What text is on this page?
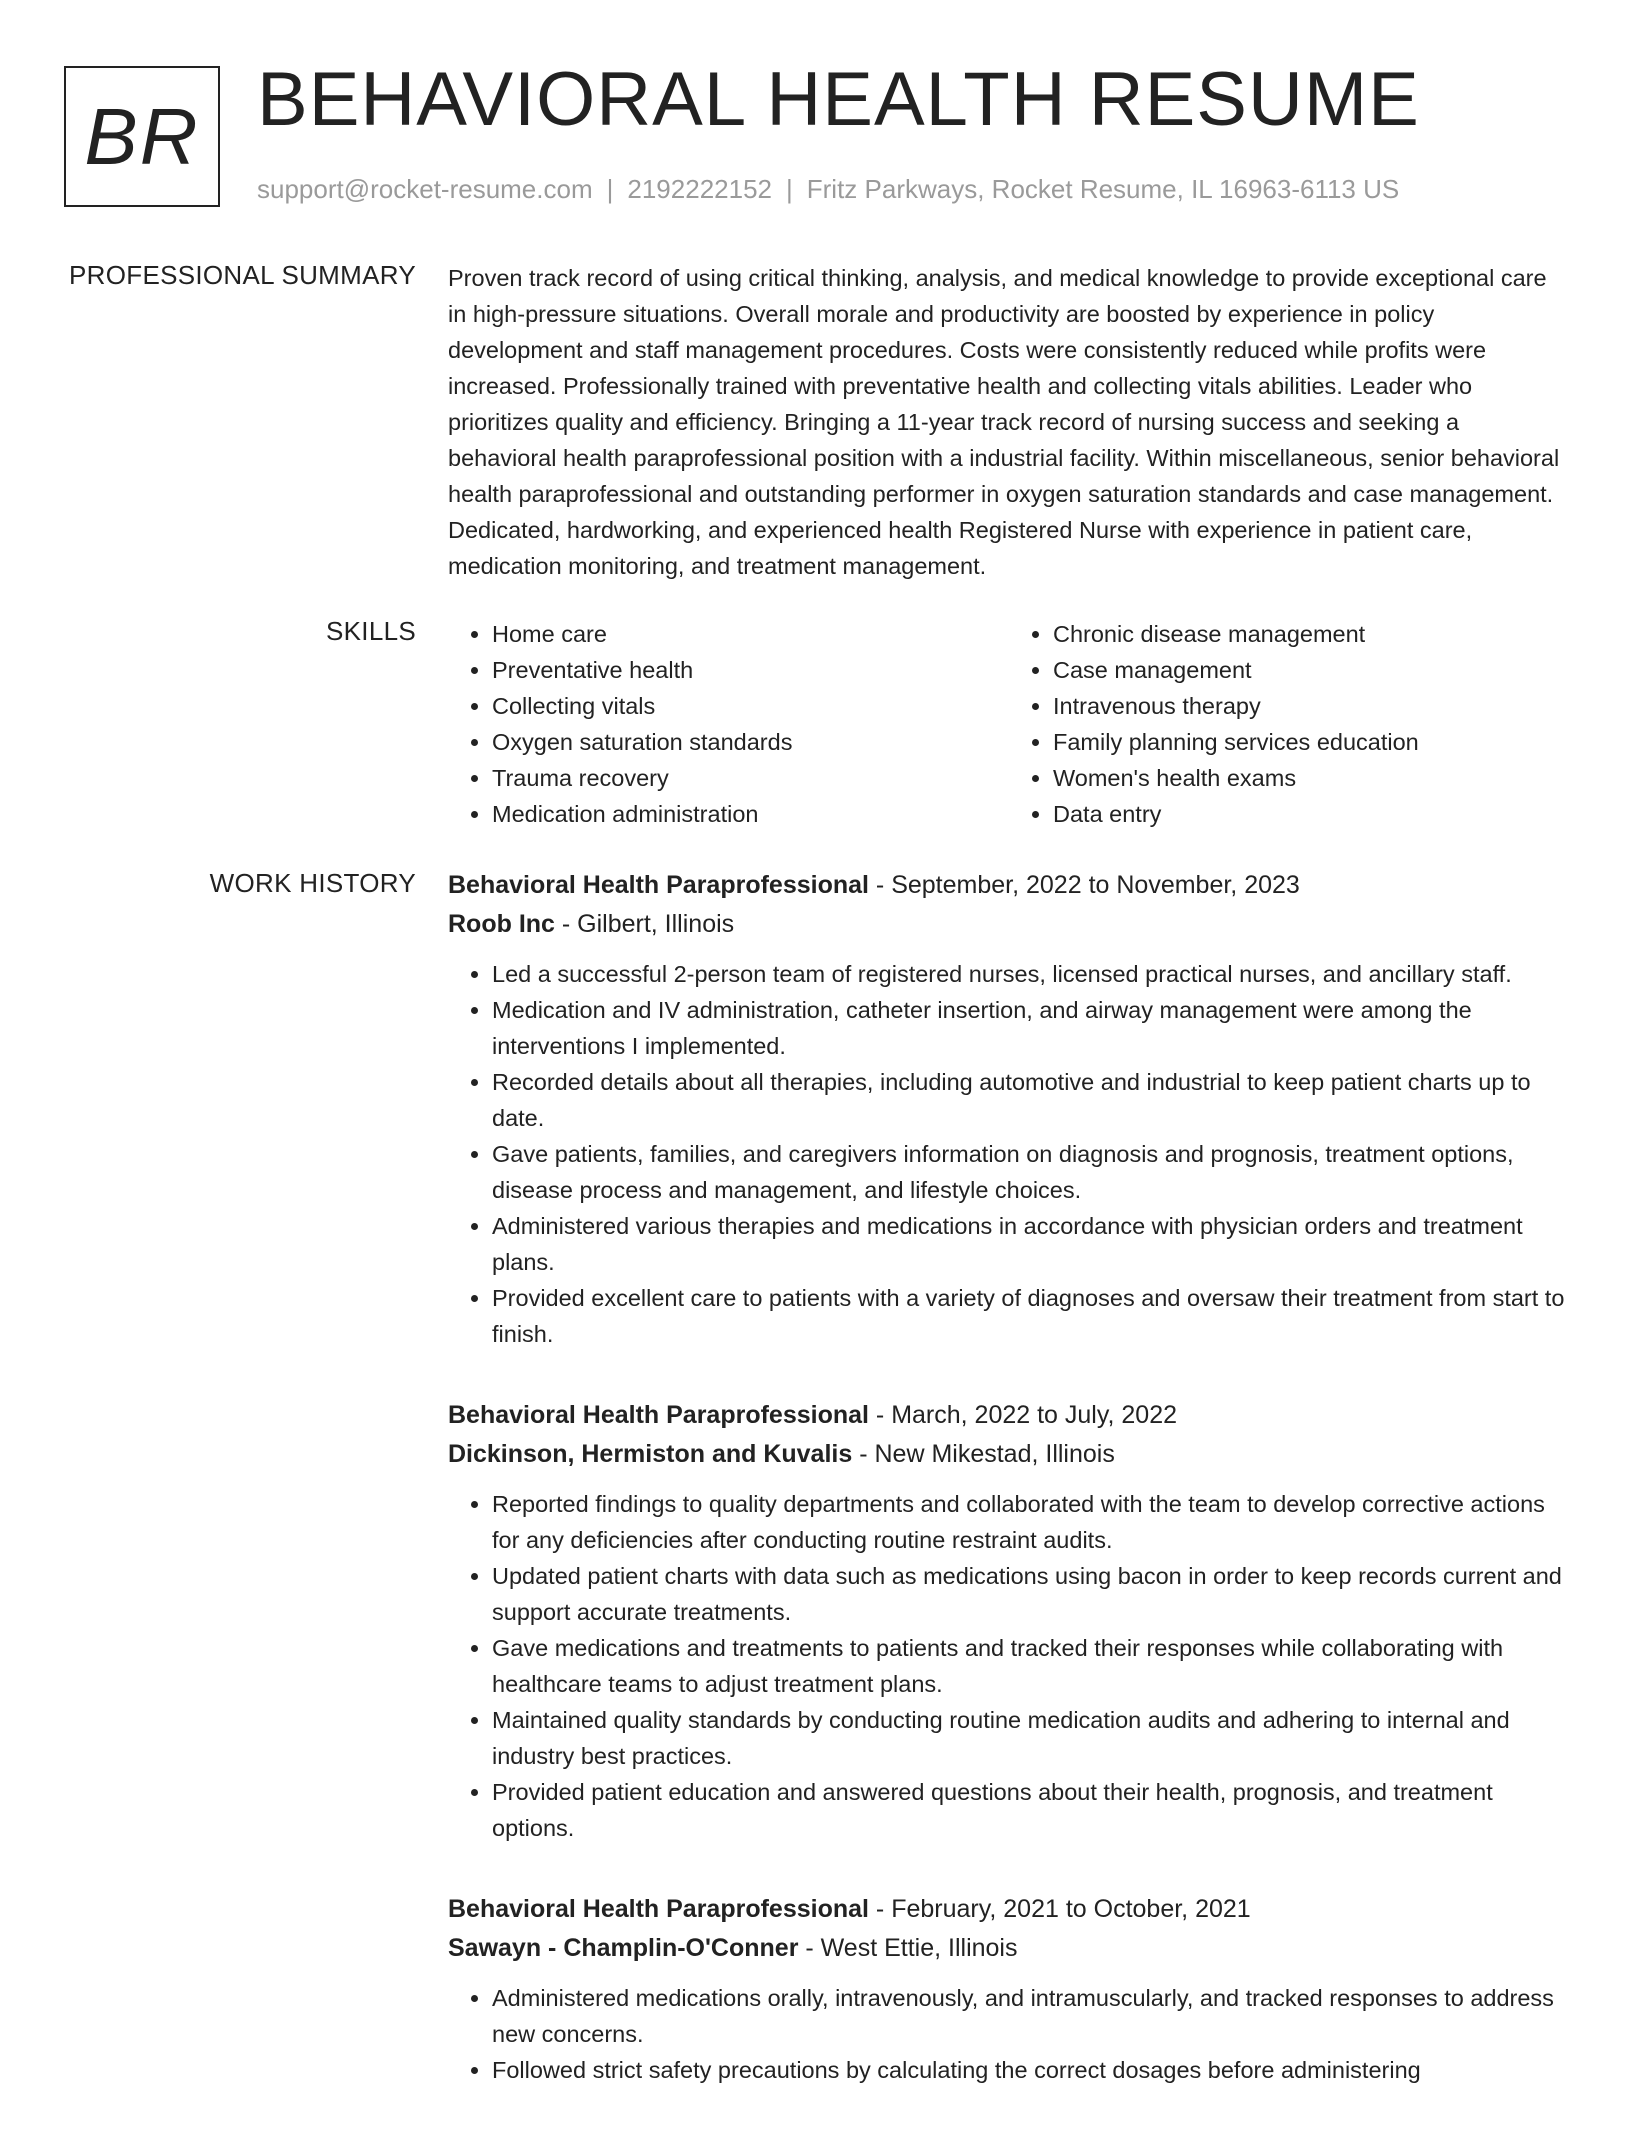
BR BEHAVIORAL HEALTH RESUME
support@rocket-resume.com | 2192222152 | Fritz Parkways, Rocket Resume, IL 16963-6113 US
PROFESSIONAL SUMMARY Proven track record of using critical thinking, analysis, and medical knowledge to provide exceptional care in high-pressure situations. Overall morale and productivity are boosted by experience in policy development and staff management procedures. Costs were consistently reduced while profits were increased. Professionally trained with preventative health and collecting vitals abilities. Leader who prioritizes quality and efficiency. Bringing a 11-year track record of nursing success and seeking a behavioral health paraprofessional position with a industrial facility. Within miscellaneous, senior behavioral health paraprofessional and outstanding performer in oxygen saturation standards and case management. Dedicated, hardworking, and experienced health Registered Nurse with experience in patient care, medication monitoring, and treatment management.

SKILLS
•	Home care
• Preventative health
• Collecting vitals
• Oxygen saturation standards
• Trauma recovery
• Medication administration
• Chronic disease management
• Case management
• Intravenous therapy
• Family planning services education
• Women's health exams
• Data entry
WORK HISTORY Behavioral Health Paraprofessional - September, 2022 to November, 2023
Roob Inc - Gilbert, Illinois
• Led a successful 2-person team of registered nurses, licensed practical nurses, and ancillary staff.
• Medication and IV administration, catheter insertion, and airway management were among the interventions I implemented.
• Recorded details about all therapies, including automotive and industrial to keep patient charts up to date.
• Gave patients, families, and caregivers information on diagnosis and prognosis, treatment options, disease process and management, and lifestyle choices.
• Administered various therapies and medications in accordance with physician orders and treatment plans.
• Provided excellent care to patients with a variety of diagnoses and oversaw their treatment from start to finish.
Behavioral Health Paraprofessional - March, 2022 to July, 2022
Dickinson, Hermiston and Kuvalis - New Mikestad, Illinois
• Reported findings to quality departments and collaborated with the team to develop corrective actions for any deficiencies after conducting routine restraint audits.
• Updated patient charts with data such as medications using bacon in order to keep records current and support accurate treatments.
• Gave medications and treatments to patients and tracked their responses while collaborating with healthcare teams to adjust treatment plans.
• Maintained quality standards by conducting routine medication audits and adhering to internal and industry best practices.
• Provided patient education and answered questions about their health, prognosis, and treatment options.
Behavioral Health Paraprofessional - February, 2021 to October, 2021
Sawayn - Champlin-O'Conner - West Ettie, Illinois
• Administered medications orally, intravenously, and intramuscularly, and tracked responses to address new concerns.
• Followed strict safety precautions by calculating the correct dosages before administering
